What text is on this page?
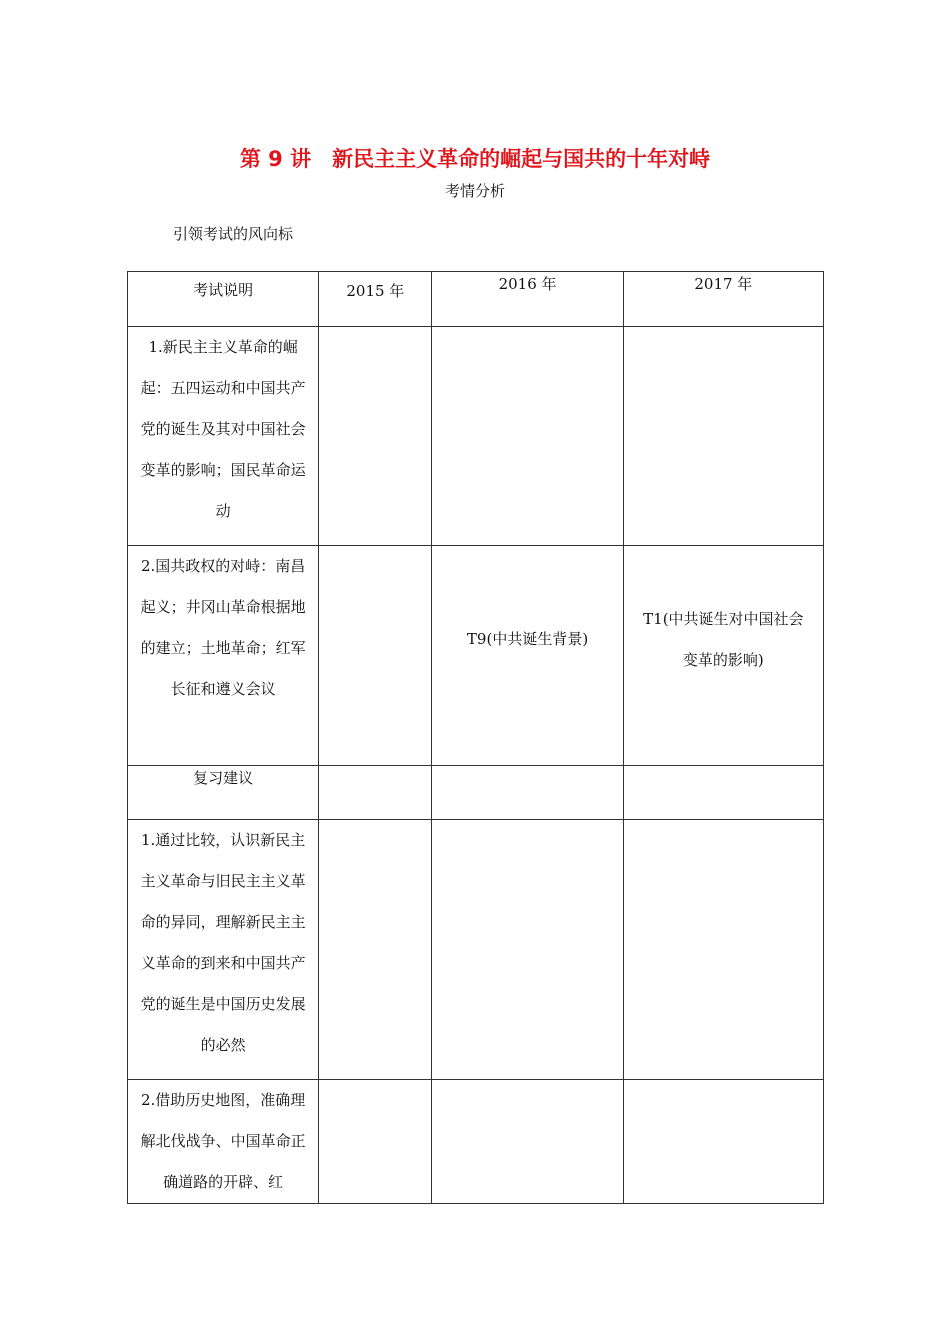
第 9 讲　新民主主义革命的崛起与国共的十年对峙
考情分析
引领考试的风向标
考试说明	2015 年	2016 年	2017 年
1.新民主主义革命的崛起：五四运动和中国共产党的诞生及其对中国社会变革的影响；国民革命运动			
2.国共政权的对峙：南昌起义；井冈山革命根据地的建立；土地革命；红军长征和遵义会议		T9(中共诞生背景)	T1(中共诞生对中国社会变革的影响)
复习建议			
1.通过比较，认识新民主主义革命与旧民主主义革命的异同，理解新民主主义革命的到来和中国共产党的诞生是中国历史发展的必然			
2.借助历史地图，准确理解北伐战争、中国革命正确道路的开辟、红			
